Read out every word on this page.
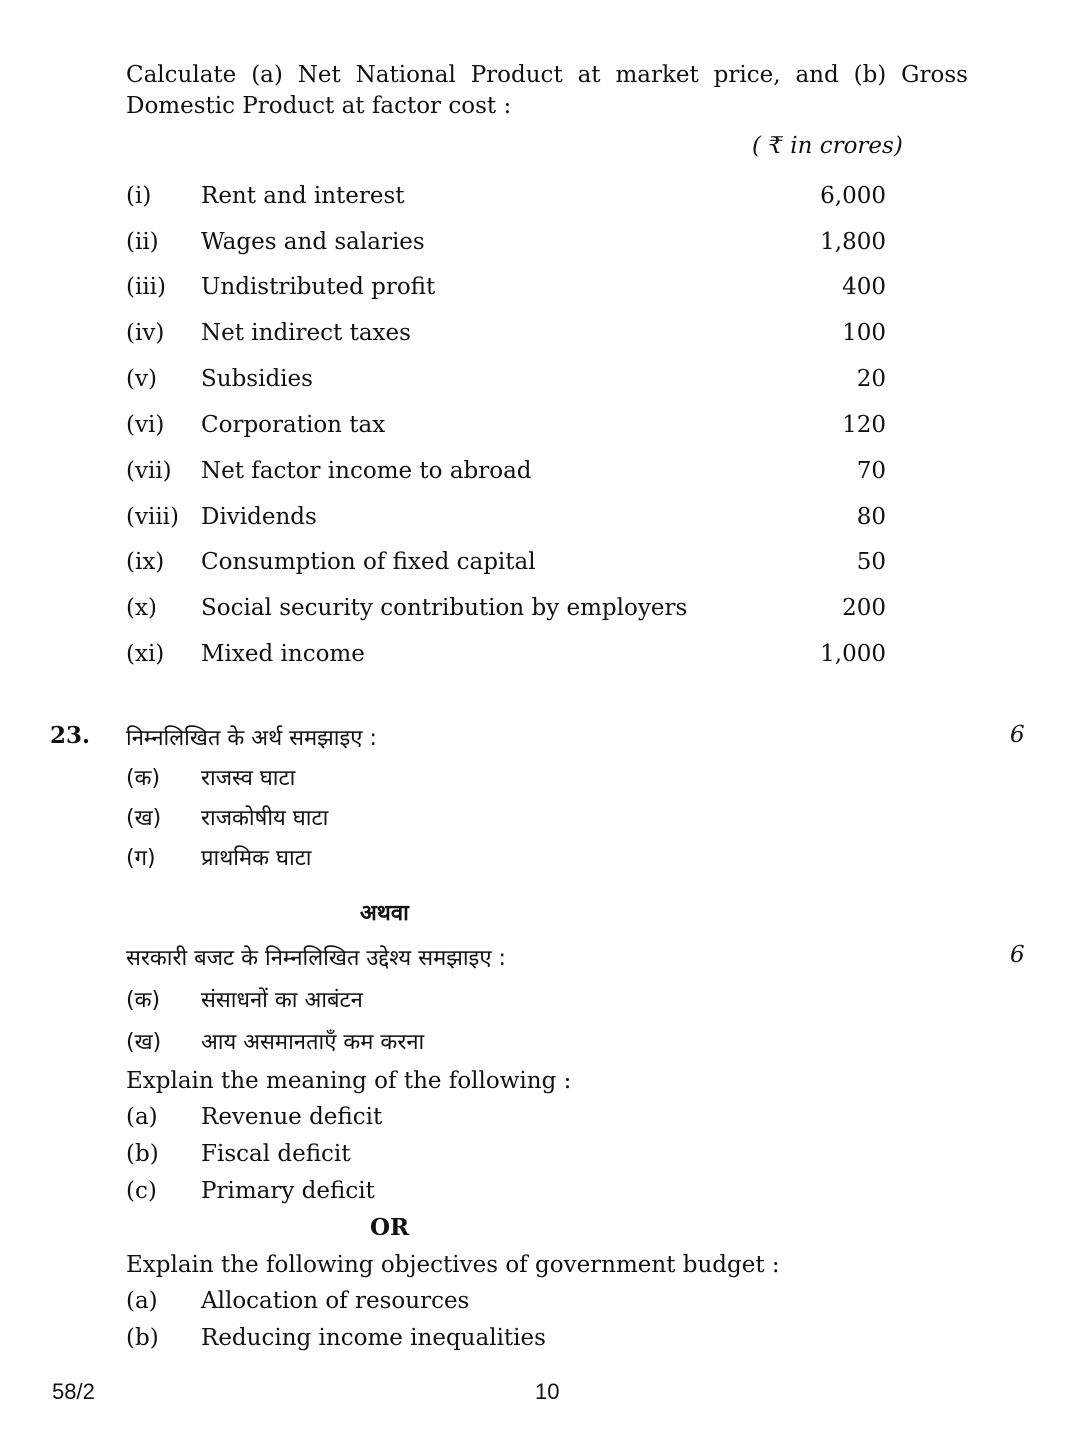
Calculate (a) Net National Product at market price, and (b) Gross Domestic Product at factor cost :

( ₹ in crores)
(i) Rent and interest	6,000
(ii) Wages and salaries	1,800
(iii) Undistributed profit	400
(iv) Net indirect taxes	100
(v) Subsidies	20
(vi) Corporation tax	120
(vii) Net factor income to abroad	70
(viii) Dividends	80
(ix) Consumption of fixed capital	50
(x) Social security contribution by employers	200
(xi) Mixed income	1,000
23. निम्नलिखित के अर्थ समझाइए :	6
(क) राजस्व घाटा
(ख) राजकोषीय घाटा
(ग) प्राथमिक घाटा
अथवा
सरकारी बजट के निम्नलिखित उद्देश्य समझाइए :	6
(क) संसाधनों का आबंटन
(ख) आय असमानताएँ कम करना
Explain the meaning of the following :
(a) Revenue deficit
(b) Fiscal deficit
(c) Primary deficit
OR
Explain the following objectives of government budget :
(a) Allocation of resources
(b) Reducing income inequalities
58/2	10
